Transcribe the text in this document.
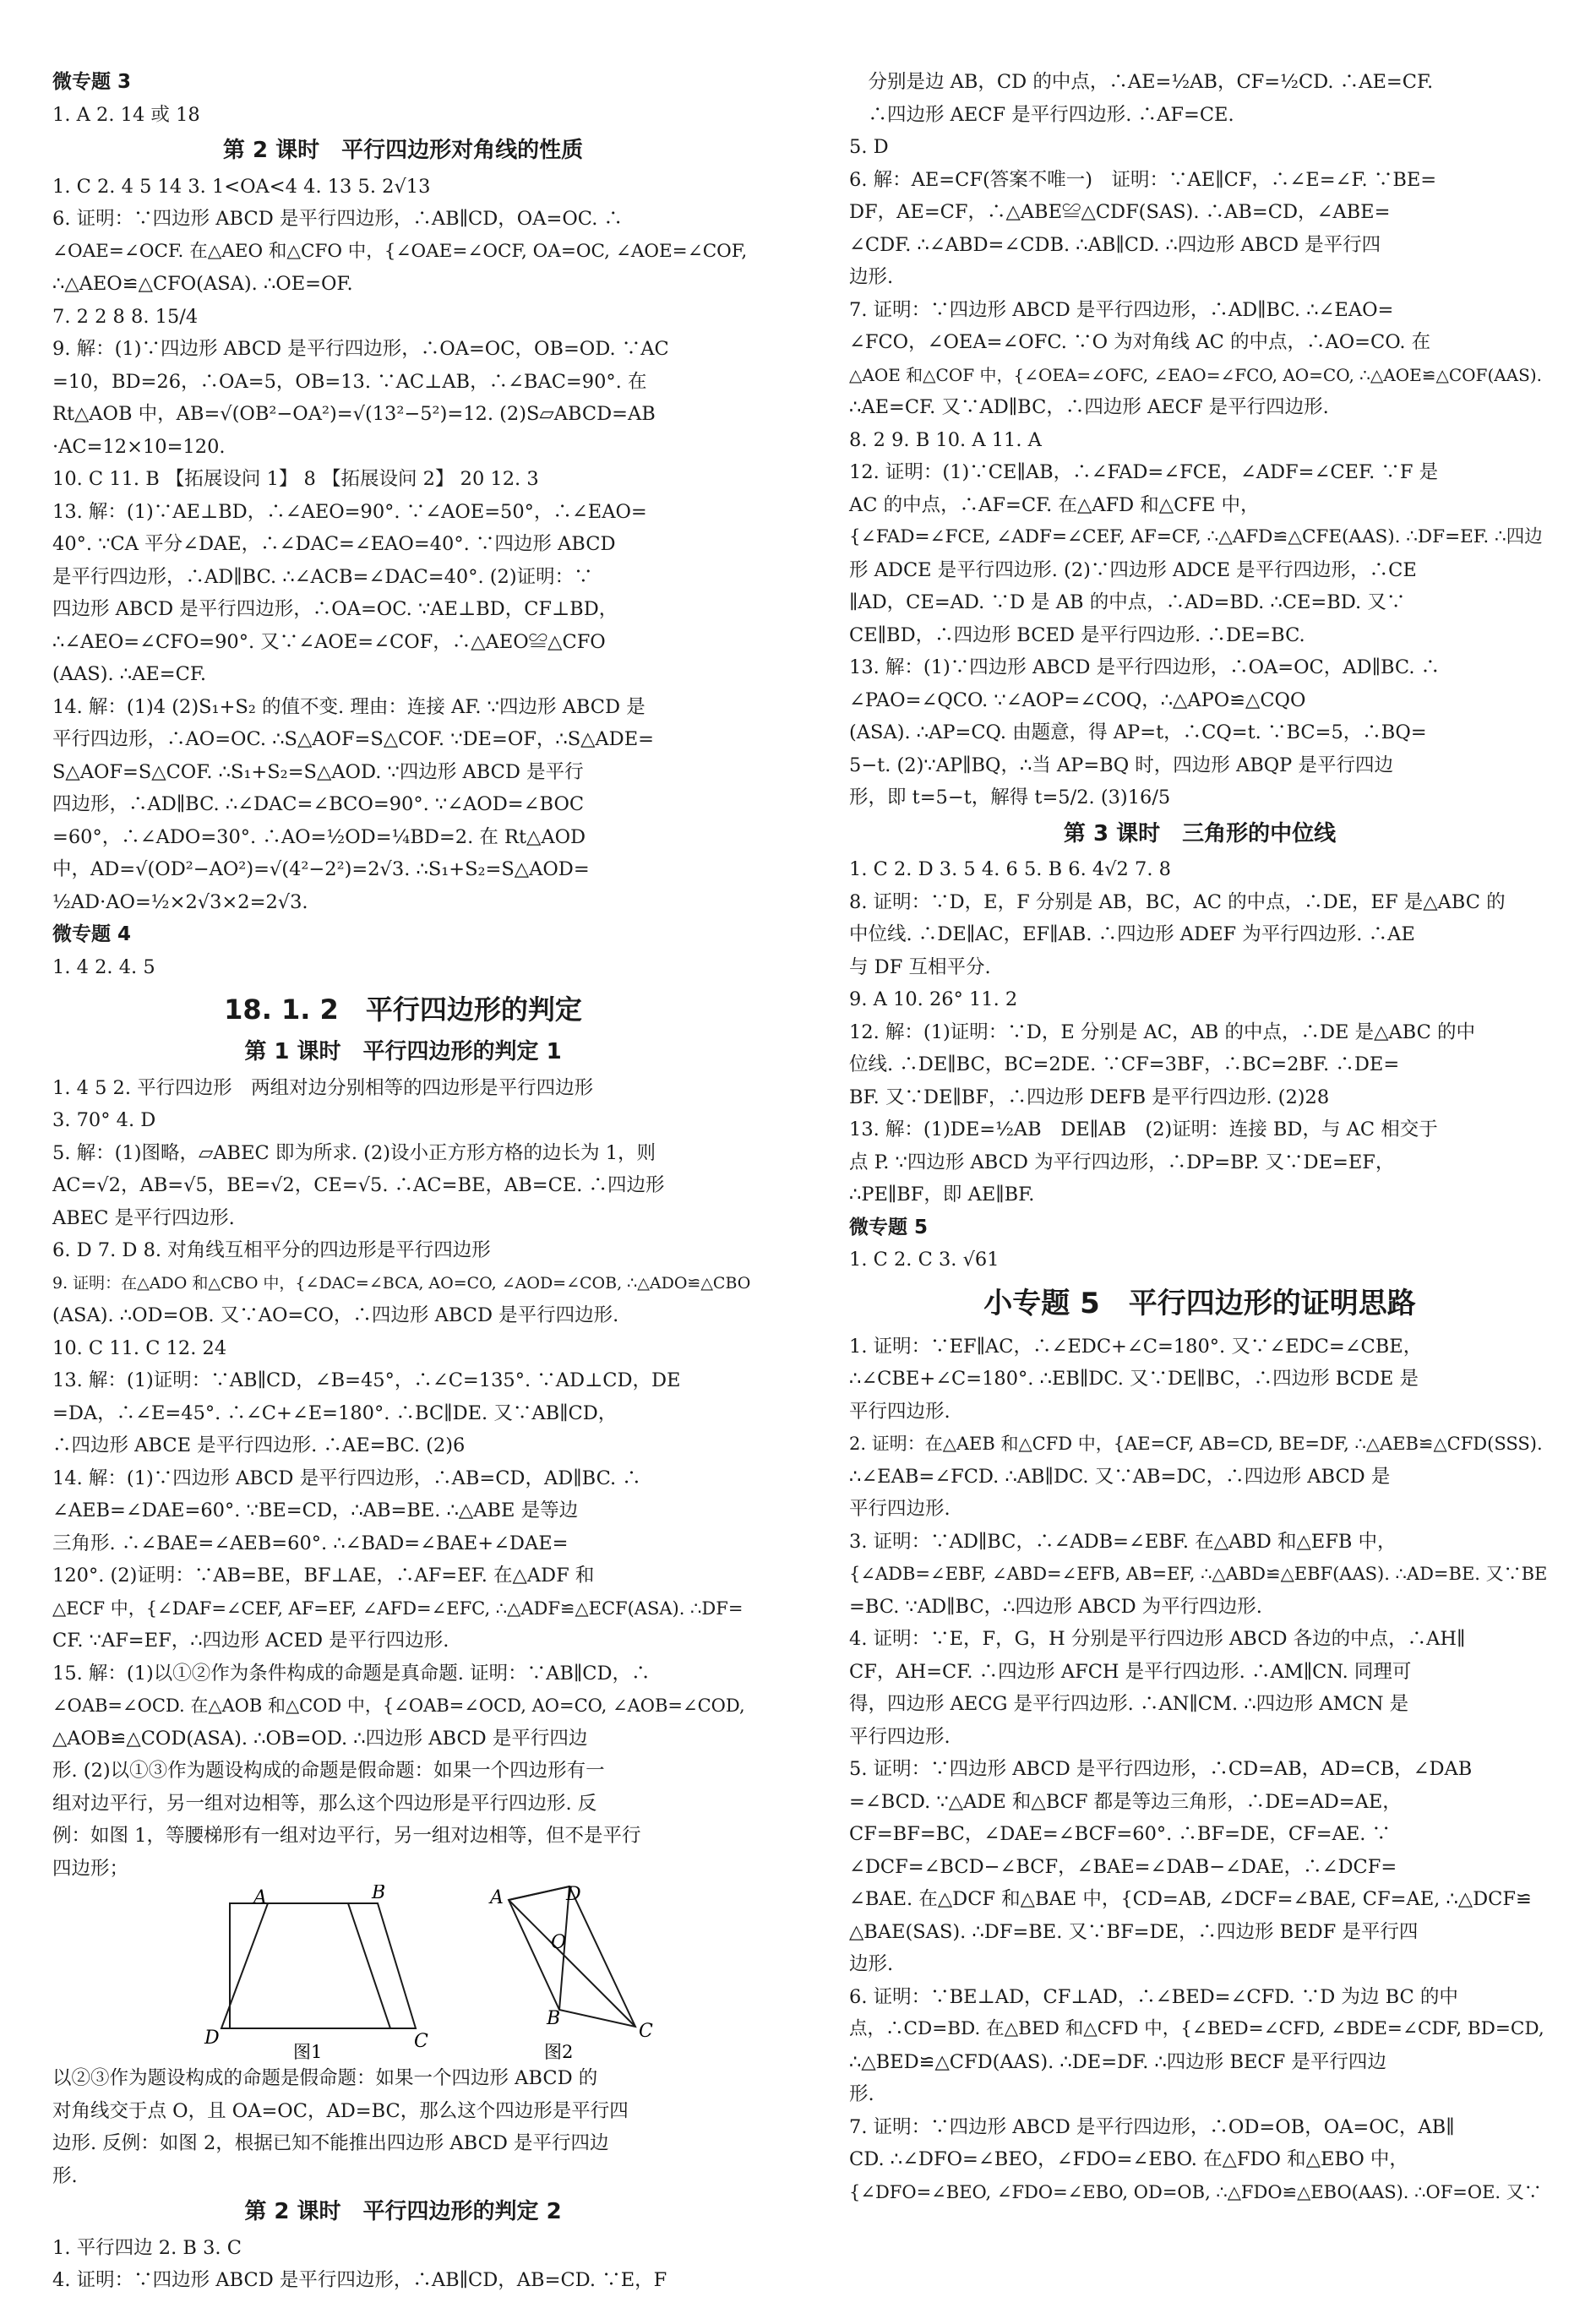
微专题 3
1. A 2. 14 或 18
第 2 课时　平行四边形对角线的性质
1. C 2. 4 5 14 3. 1<OA<4 4. 13 5. 2√13
6. 证明：∵四边形 ABCD 是平行四边形，∴AB∥CD，OA=OC. ∴
∠OAE=∠OCF. 在△AEO 和△CFO 中，{∠OAE=∠OCF, OA=OC, ∠AOE=∠COF,
∴△AEO≌△CFO(ASA). ∴OE=OF.
7. 2 2 8 8. 15/4
9. 解：(1)∵四边形 ABCD 是平行四边形，∴OA=OC，OB=OD. ∵AC
=10，BD=26，∴OA=5，OB=13. ∵AC⊥AB，∴∠BAC=90°. 在
Rt△AOB 中，AB=√(OB²−OA²)=√(13²−5²)=12. (2)S▱ABCD=AB
·AC=12×10=120.
10. C 11. B 【拓展设问 1】 8 【拓展设问 2】 20 12. 3
13. 解：(1)∵AE⊥BD，∴∠AEO=90°. ∵∠AOE=50°，∴∠EAO=
40°. ∵CA 平分∠DAE，∴∠DAC=∠EAO=40°. ∵四边形 ABCD
是平行四边形，∴AD∥BC. ∴∠ACB=∠DAC=40°. (2)证明：∵
四边形 ABCD 是平行四边形，∴OA=OC. ∵AE⊥BD，CF⊥BD，
∴∠AEO=∠CFO=90°. 又∵∠AOE=∠COF，∴△AEO≌△CFO
(AAS). ∴AE=CF.
14. 解：(1)4 (2)S₁+S₂ 的值不变. 理由：连接 AF. ∵四边形 ABCD 是
平行四边形，∴AO=OC. ∴S△AOF=S△COF. ∵DE=OF，∴S△ADE=
S△AOF=S△COF. ∴S₁+S₂=S△AOD. ∵四边形 ABCD 是平行
四边形，∴AD∥BC. ∴∠DAC=∠BCO=90°. ∵∠AOD=∠BOC
=60°，∴∠ADO=30°. ∴AO=½OD=¼BD=2. 在 Rt△AOD
中，AD=√(OD²−AO²)=√(4²−2²)=2√3. ∴S₁+S₂=S△AOD=
½AD·AO=½×2√3×2=2√3.
微专题 4
1. 4 2. 4. 5
18. 1. 2　平行四边形的判定
第 1 课时　平行四边形的判定 1
1. 4 5 2. 平行四边形　两组对边分别相等的四边形是平行四边形
3. 70° 4. D
5. 解：(1)图略，▱ABEC 即为所求. (2)设小正方形方格的边长为 1，则
AC=√2，AB=√5，BE=√2，CE=√5. ∴AC=BE，AB=CE. ∴四边形
ABEC 是平行四边形.
6. D 7. D 8. 对角线互相平分的四边形是平行四边形
9. 证明：在△ADO 和△CBO 中，{∠DAC=∠BCA, AO=CO, ∠AOD=∠COB, ∴△ADO≌△CBO
(ASA). ∴OD=OB. 又∵AO=CO，∴四边形 ABCD 是平行四边形.
10. C 11. C 12. 24
13. 解：(1)证明：∵AB∥CD，∠B=45°，∴∠C=135°. ∵AD⊥CD，DE
=DA，∴∠E=45°. ∴∠C+∠E=180°. ∴BC∥DE. 又∵AB∥CD，
∴四边形 ABCE 是平行四边形. ∴AE=BC. (2)6
14. 解：(1)∵四边形 ABCD 是平行四边形，∴AB=CD，AD∥BC. ∴
∠AEB=∠DAE=60°. ∵BE=CD，∴AB=BE. ∴△ABE 是等边
三角形. ∴∠BAE=∠AEB=60°. ∴∠BAD=∠BAE+∠DAE=
120°. (2)证明：∵AB=BE，BF⊥AE，∴AF=EF. 在△ADF 和
△ECF 中，{∠DAF=∠CEF, AF=EF, ∠AFD=∠EFC, ∴△ADF≌△ECF(ASA). ∴DF=
CF. ∵AF=EF，∴四边形 ACED 是平行四边形.
15. 解：(1)以①②作为条件构成的命题是真命题. 证明：∵AB∥CD，∴
∠OAB=∠OCD. 在△AOB 和△COD 中，{∠OAB=∠OCD, AO=CO, ∠AOB=∠COD,
△AOB≌△COD(ASA). ∴OB=OD. ∴四边形 ABCD 是平行四边
形. (2)以①③作为题设构成的命题是假命题：如果一个四边形有一
组对边平行，另一组对边相等，那么这个四边形是平行四边形. 反
例：如图 1，等腰梯形有一组对边平行，另一组对边相等，但不是平行
四边形；
A	B
D	C
图1
A	D
O
B
C
图2
以②③作为题设构成的命题是假命题：如果一个四边形 ABCD 的
对角线交于点 O，且 OA=OC，AD=BC，那么这个四边形是平行四
边形. 反例：如图 2，根据已知不能推出四边形 ABCD 是平行四边
形.
第 2 课时　平行四边形的判定 2
1. 平行四边 2. B 3. C
4. 证明：∵四边形 ABCD 是平行四边形，∴AB∥CD，AB=CD. ∵E，F
　分别是边 AB，CD 的中点，∴AE=½AB，CF=½CD. ∴AE=CF.
　∴四边形 AECF 是平行四边形. ∴AF=CE.
5. D
6. 解：AE=CF(答案不唯一)　证明：∵AE∥CF，∴∠E=∠F. ∵BE=
DF，AE=CF，∴△ABE≌△CDF(SAS). ∴AB=CD，∠ABE=
∠CDF. ∴∠ABD=∠CDB. ∴AB∥CD. ∴四边形 ABCD 是平行四
边形.
7. 证明：∵四边形 ABCD 是平行四边形，∴AD∥BC. ∴∠EAO=
∠FCO，∠OEA=∠OFC. ∵O 为对角线 AC 的中点，∴AO=CO. 在
△AOE 和△COF 中，{∠OEA=∠OFC, ∠EAO=∠FCO, AO=CO, ∴△AOE≌△COF(AAS).
∴AE=CF. 又∵AD∥BC，∴四边形 AECF 是平行四边形.
8. 2 9. B 10. A 11. A
12. 证明：(1)∵CE∥AB，∴∠FAD=∠FCE，∠ADF=∠CEF. ∵F 是
AC 的中点，∴AF=CF. 在△AFD 和△CFE 中，
{∠FAD=∠FCE, ∠ADF=∠CEF, AF=CF, ∴△AFD≌△CFE(AAS). ∴DF=EF. ∴四边
形 ADCE 是平行四边形. (2)∵四边形 ADCE 是平行四边形，∴CE
∥AD，CE=AD. ∵D 是 AB 的中点，∴AD=BD. ∴CE=BD. 又∵
CE∥BD，∴四边形 BCED 是平行四边形. ∴DE=BC.
13. 解：(1)∵四边形 ABCD 是平行四边形，∴OA=OC，AD∥BC. ∴
∠PAO=∠QCO. ∵∠AOP=∠COQ，∴△APO≌△CQO
(ASA). ∴AP=CQ. 由题意，得 AP=t，∴CQ=t. ∵BC=5，∴BQ=
5−t. (2)∵AP∥BQ，∴当 AP=BQ 时，四边形 ABQP 是平行四边
形，即 t=5−t，解得 t=5/2. (3)16/5
第 3 课时　三角形的中位线
1. C 2. D 3. 5 4. 6 5. B 6. 4√2 7. 8
8. 证明：∵D，E，F 分别是 AB，BC，AC 的中点，∴DE，EF 是△ABC 的
中位线. ∴DE∥AC，EF∥AB. ∴四边形 ADEF 为平行四边形. ∴AE
与 DF 互相平分.
9. A 10. 26° 11. 2
12. 解：(1)证明：∵D，E 分别是 AC，AB 的中点，∴DE 是△ABC 的中
位线. ∴DE∥BC，BC=2DE. ∵CF=3BF，∴BC=2BF. ∴DE=
BF. 又∵DE∥BF，∴四边形 DEFB 是平行四边形. (2)28
13. 解：(1)DE=½AB　DE∥AB　(2)证明：连接 BD，与 AC 相交于
点 P. ∵四边形 ABCD 为平行四边形，∴DP=BP. 又∵DE=EF，
∴PE∥BF，即 AE∥BF.
微专题 5
1. C 2. C 3. √61
小专题 5　平行四边形的证明思路
1. 证明：∵EF∥AC，∴∠EDC+∠C=180°. 又∵∠EDC=∠CBE，
∴∠CBE+∠C=180°. ∴EB∥DC. 又∵DE∥BC，∴四边形 BCDE 是
平行四边形.
2. 证明：在△AEB 和△CFD 中，{AE=CF, AB=CD, BE=DF, ∴△AEB≌△CFD(SSS).
∴∠EAB=∠FCD. ∴AB∥DC. 又∵AB=DC，∴四边形 ABCD 是
平行四边形.
3. 证明：∵AD∥BC，∴∠ADB=∠EBF. 在△ABD 和△EFB 中，
{∠ADB=∠EBF, ∠ABD=∠EFB, AB=EF, ∴△ABD≌△EBF(AAS). ∴AD=BE. 又∵BE
=BC. ∵AD∥BC，∴四边形 ABCD 为平行四边形.
4. 证明：∵E，F，G，H 分别是平行四边形 ABCD 各边的中点，∴AH∥
CF，AH=CF. ∴四边形 AFCH 是平行四边形. ∴AM∥CN. 同理可
得，四边形 AECG 是平行四边形. ∴AN∥CM. ∴四边形 AMCN 是
平行四边形.
5. 证明：∵四边形 ABCD 是平行四边形，∴CD=AB，AD=CB，∠DAB
=∠BCD. ∵△ADE 和△BCF 都是等边三角形，∴DE=AD=AE，
CF=BF=BC，∠DAE=∠BCF=60°. ∴BF=DE，CF=AE. ∵
∠DCF=∠BCD−∠BCF，∠BAE=∠DAB−∠DAE，∴∠DCF=
∠BAE. 在△DCF 和△BAE 中，{CD=AB, ∠DCF=∠BAE, CF=AE, ∴△DCF≌
△BAE(SAS). ∴DF=BE. 又∵BF=DE，∴四边形 BEDF 是平行四
边形.
6. 证明：∵BE⊥AD，CF⊥AD，∴∠BED=∠CFD. ∵D 为边 BC 的中
点，∴CD=BD. 在△BED 和△CFD 中，{∠BED=∠CFD, ∠BDE=∠CDF, BD=CD,
∴△BED≌△CFD(AAS). ∴DE=DF. ∴四边形 BECF 是平行四边
形.
7. 证明：∵四边形 ABCD 是平行四边形，∴OD=OB，OA=OC，AB∥
CD. ∴∠DFO=∠BEO，∠FDO=∠EBO. 在△FDO 和△EBO 中，
{∠DFO=∠BEO, ∠FDO=∠EBO, OD=OB, ∴△FDO≌△EBO(AAS). ∴OF=OE. 又∵
